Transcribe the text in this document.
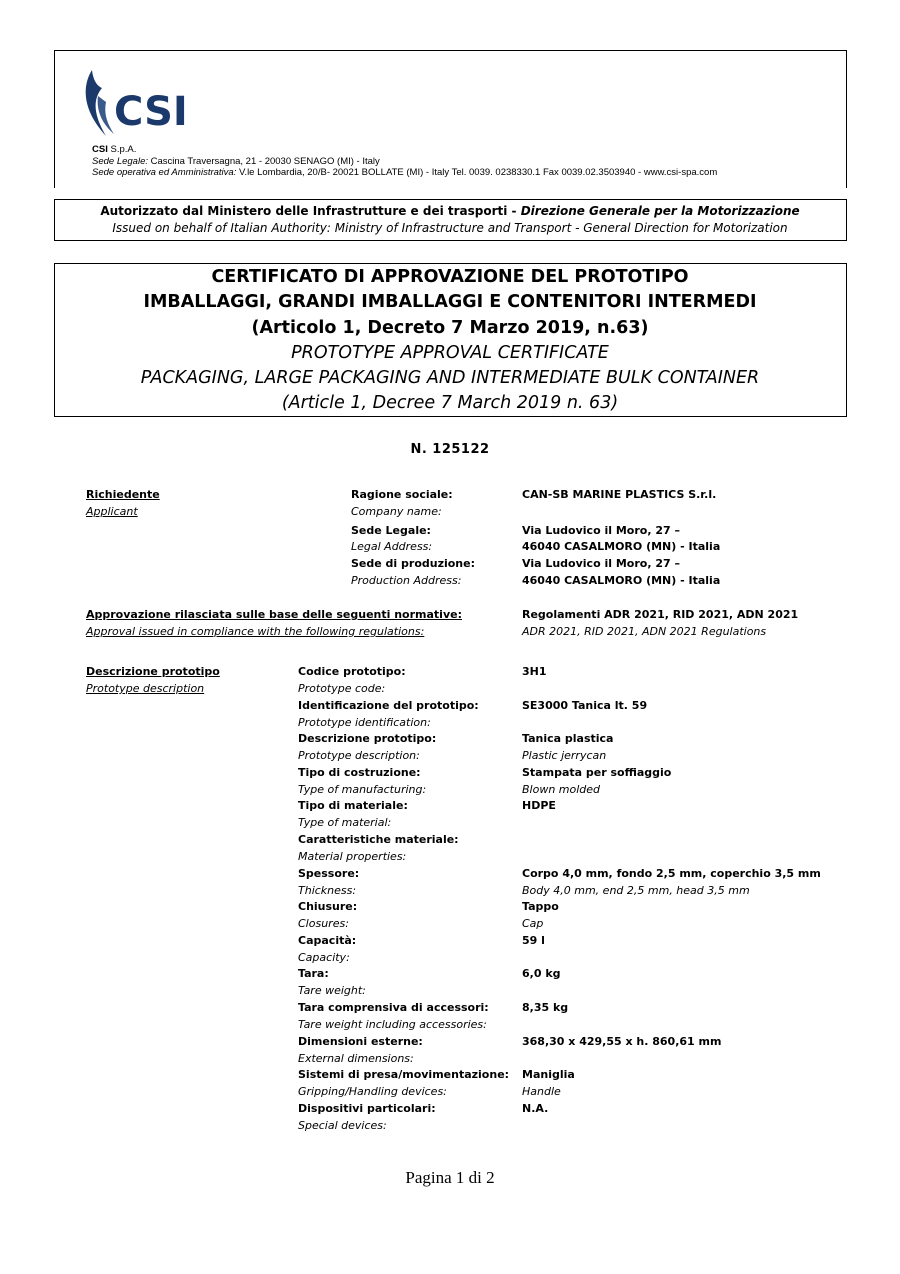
CSI
CSI S.p.A.
Sede Legale: Cascina Traversagna, 21 - 20030 SENAGO (MI) - Italy
Sede operativa ed Amministrativa: V.le Lombardia, 20/B- 20021 BOLLATE (MI) - Italy Tel. 0039. 0238330.1 Fax 0039.02.3503940 - www.csi-spa.com
Autorizzato dal Ministero delle Infrastrutture e dei trasporti - Direzione Generale per la Motorizzazione
Issued on behalf of Italian Authority: Ministry of Infrastructure and Transport - General Direction for Motorization
CERTIFICATO DI APPROVAZIONE DEL PROTOTIPO
IMBALLAGGI, GRANDI IMBALLAGGI E CONTENITORI INTERMEDI
(Articolo 1, Decreto 7 Marzo 2019, n.63)
PROTOTYPE APPROVAL CERTIFICATE
PACKAGING, LARGE PACKAGING AND INTERMEDIATE BULK CONTAINER
(Article 1, Decree 7 March 2019 n. 63)
N. 125122
Richiedente
Applicant
Ragione sociale:
Company name:
CAN-SB MARINE PLASTICS S.r.l.
Sede Legale:
Legal Address:
Via Ludovico il Moro, 27 –
46040 CASALMORO (MN) - Italia
Sede di produzione:
Production Address:
Via Ludovico il Moro, 27 –
46040 CASALMORO (MN) - Italia
Approvazione rilasciata sulle base delle seguenti normative:
Approval issued in compliance with the following regulations:
Regolamenti ADR 2021, RID 2021, ADN 2021
ADR 2021, RID 2021, ADN 2021 Regulations
Descrizione prototipo
Prototype description
Codice prototipo:
Prototype code:
3H1
Identificazione del prototipo:
Prototype identification:
SE3000 Tanica lt. 59
Descrizione prototipo:
Prototype description:
Tanica plastica
Plastic jerrycan
Tipo di costruzione:
Type of manufacturing:
Stampata per soffiaggio
Blown molded
Tipo di materiale:
Type of material:
HDPE
Caratteristiche materiale:
Material properties:
Spessore:
Thickness:
Corpo 4,0 mm, fondo 2,5 mm, coperchio 3,5 mm
Body 4,0 mm, end 2,5 mm, head 3,5 mm
Chiusure:
Closures:
Tappo
Cap
Capacità:
Capacity:
59 l
Tara:
Tare weight:
6,0 kg
Tara comprensiva di accessori:
Tare weight including accessories:
8,35 kg
Dimensioni esterne:
External dimensions:
368,30 x 429,55 x h. 860,61 mm
Sistemi di presa/movimentazione:
Gripping/Handling devices:
Maniglia
Handle
Dispositivi particolari:
Special devices:
N.A.
Pagina 1 di 2
